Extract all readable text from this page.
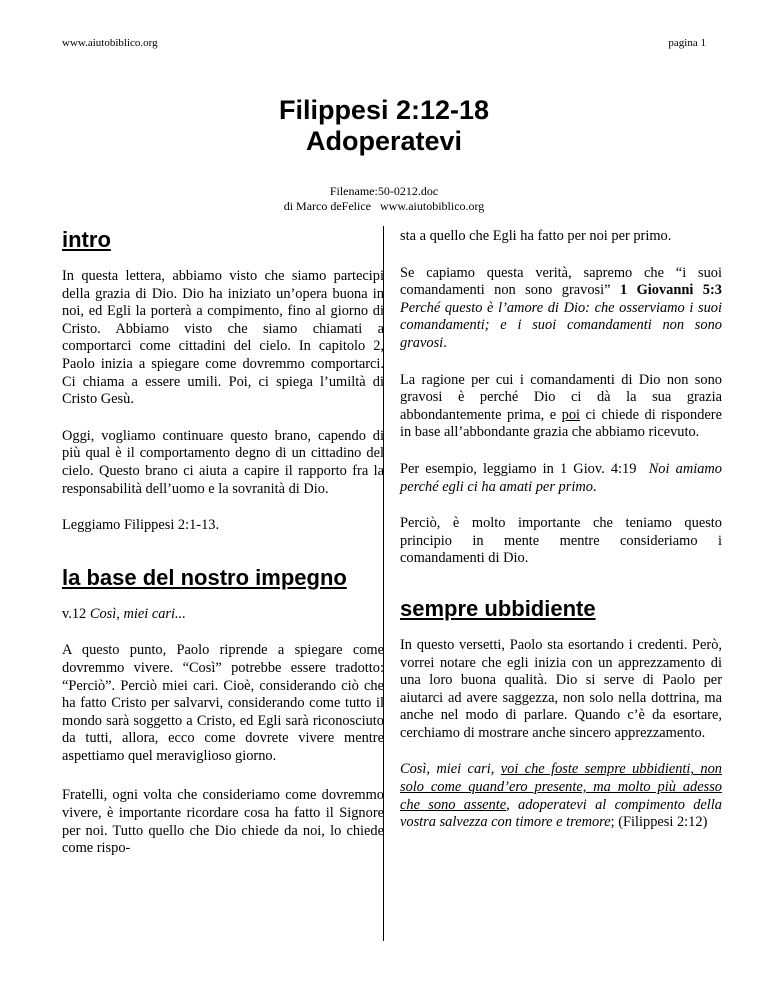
www.aiutobiblico.org	pagina 1
Filippesi 2:12-18
Adoperatevi
Filename:50-0212.doc
di Marco deFelice   www.aiutobiblico.org
intro

In questa lettera, abbiamo visto che siamo partecipi della grazia di Dio. Dio ha iniziato un’opera buona in noi, ed Egli la porterà a compimento, fino al giorno di Cristo. Abbiamo visto che siamo chiamati a comportarci come cittadini del cielo. In capitolo 2, Paolo inizia a spiegare come dovremmo comportarci. Ci chiama a essere umili. Poi, ci spiega l’umiltà di Cristo Gesù.

Oggi, vogliamo continuare questo brano, capendo di più qual è il comportamento degno di un cittadino del cielo. Questo brano ci aiuta a capire il rapporto fra la responsabilità dell’uomo e la sovranità di Dio.

Leggiamo Filippesi 2:1-13.

la base del nostro impegno

v.12 Così, miei cari...

A questo punto, Paolo riprende a spiegare come dovremmo vivere. “Così” potrebbe essere tradotto: “Perciò”. Perciò miei cari. Cioè, considerando ciò che ha fatto Cristo per salvarvi, considerando come tutto il mondo sarà soggetto a Cristo, ed Egli sarà riconosciuto da tutti, allora, ecco come dovrete vivere mentre aspettiamo quel meraviglioso giorno.

Fratelli, ogni volta che consideriamo come dovremmo vivere, è importante ricordare cosa ha fatto il Signore per noi. Tutto quello che Dio chiede da noi, lo chiede come rispo-

sta a quello che Egli ha fatto per noi per primo.

Se capiamo questa verità, sapremo che “i suoi comandamenti non sono gravosi” 1 Giovanni 5:3  Perché questo è l’amore di Dio: che osserviamo i suoi comandamenti; e i suoi comandamenti non sono gravosi.

La ragione per cui i comandamenti di Dio non sono gravosi è perché Dio ci dà la sua grazia abbondantemente prima, e poi ci chiede di rispondere in base all’abbondante grazia che abbiamo ricevuto.

Per esempio, leggiamo in 1 Giov. 4:19  Noi amiamo perché egli ci ha amati per primo.

Perciò, è molto importante che teniamo questo principio in mente mentre consideriamo i comandamenti di Dio.

sempre ubbidiente

In questo versetti, Paolo sta esortando i credenti. Però, vorrei notare che egli inizia con un apprezzamento di una loro buona qualità. Dio si serve di Paolo per aiutarci ad avere saggezza, non solo nella dottrina, ma anche nel modo di parlare. Quando c’è da esortare, cerchiamo di mostrare anche sincero apprezzamento.

Così, miei cari, voi che foste sempre ubbidienti, non solo come quand’ero presente, ma molto più adesso che sono assente, adoperatevi al compimento della vostra salvezza con timore e tremore; (Filippesi 2:12)
